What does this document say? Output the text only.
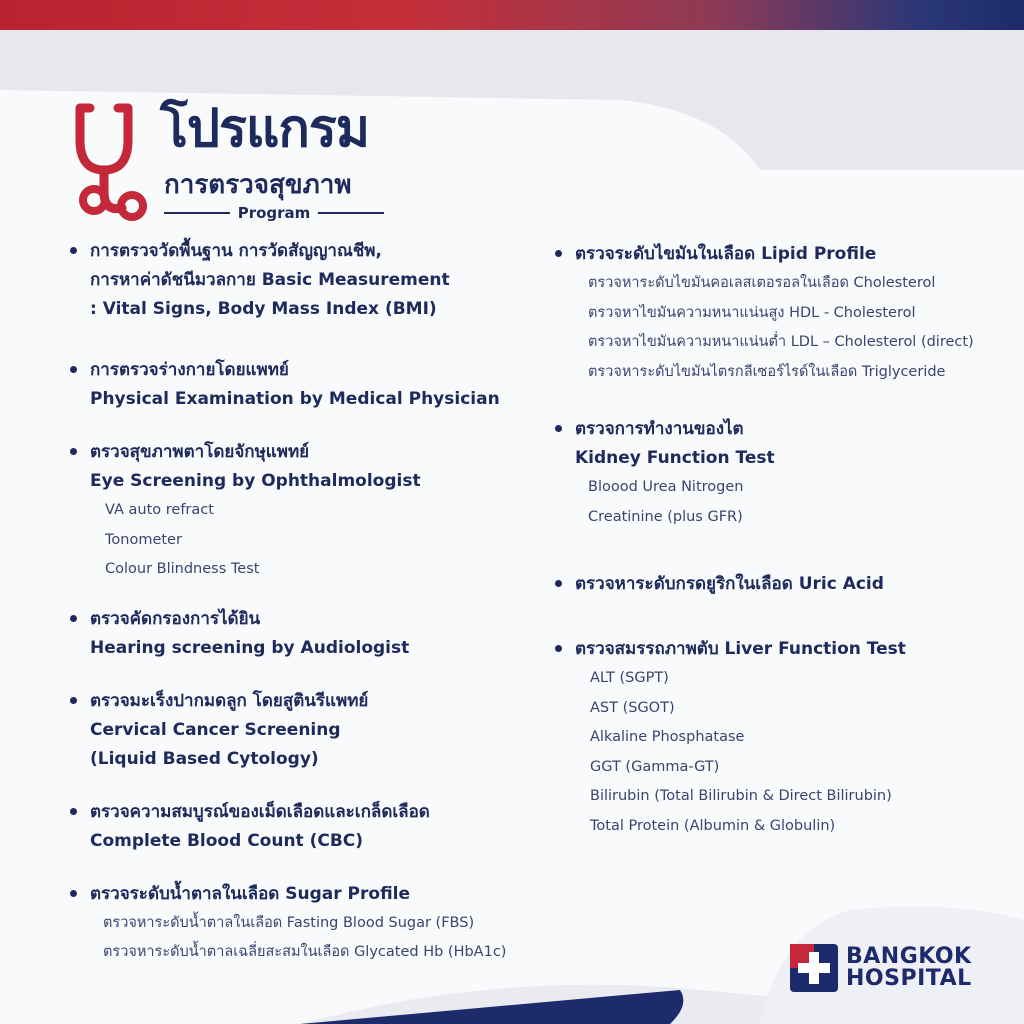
โปรแกรม
การตรวจสุขภาพ
Program
การตรวจวัดพื้นฐาน การวัดสัญญาณชีพ,
การหาค่าดัชนีมวลกาย Basic Measurement
: Vital Signs, Body Mass Index (BMI)
การตรวจร่างกายโดยแพทย์
Physical Examination by Medical Physician
ตรวจสุขภาพตาโดยจักษุแพทย์
Eye Screening by Ophthalmologist
VA auto refract
Tonometer
Colour Blindness Test
ตรวจคัดกรองการได้ยิน
Hearing screening by Audiologist
ตรวจมะเร็งปากมดลูก โดยสูตินรีแพทย์
Cervical Cancer Screening
(Liquid Based Cytology)
ตรวจความสมบูรณ์ของเม็ดเลือดและเกล็ดเลือด
Complete Blood Count (CBC)
ตรวจระดับน้ำตาลในเลือด Sugar Profile
ตรวจหาระดับน้ำตาลในเลือด Fasting Blood Sugar (FBS)
ตรวจหาระดับน้ำตาลเฉลี่ยสะสมในเลือด Glycated Hb (HbA1c)
ตรวจระดับไขมันในเลือด Lipid Profile
ตรวจหาระดับไขมันคอเลสเตอรอลในเลือด Cholesterol
ตรวจหาไขมันความหนาแน่นสูง HDL - Cholesterol
ตรวจหาไขมันความหนาแน่นต่ำ LDL – Cholesterol (direct)
ตรวจหาระดับไขมันไตรกลีเซอร์ไรด์ในเลือด Triglyceride
ตรวจการทำงานของไต
Kidney Function Test
Bloood Urea Nitrogen
Creatinine (plus GFR)
ตรวจหาระดับกรดยูริกในเลือด Uric Acid
ตรวจสมรรถภาพตับ Liver Function Test
ALT (SGPT)
AST (SGOT)
Alkaline Phosphatase
GGT (Gamma-GT)
Bilirubin (Total Bilirubin & Direct Bilirubin)
Total Protein (Albumin & Globulin)
BANGKOK
HOSPITAL
